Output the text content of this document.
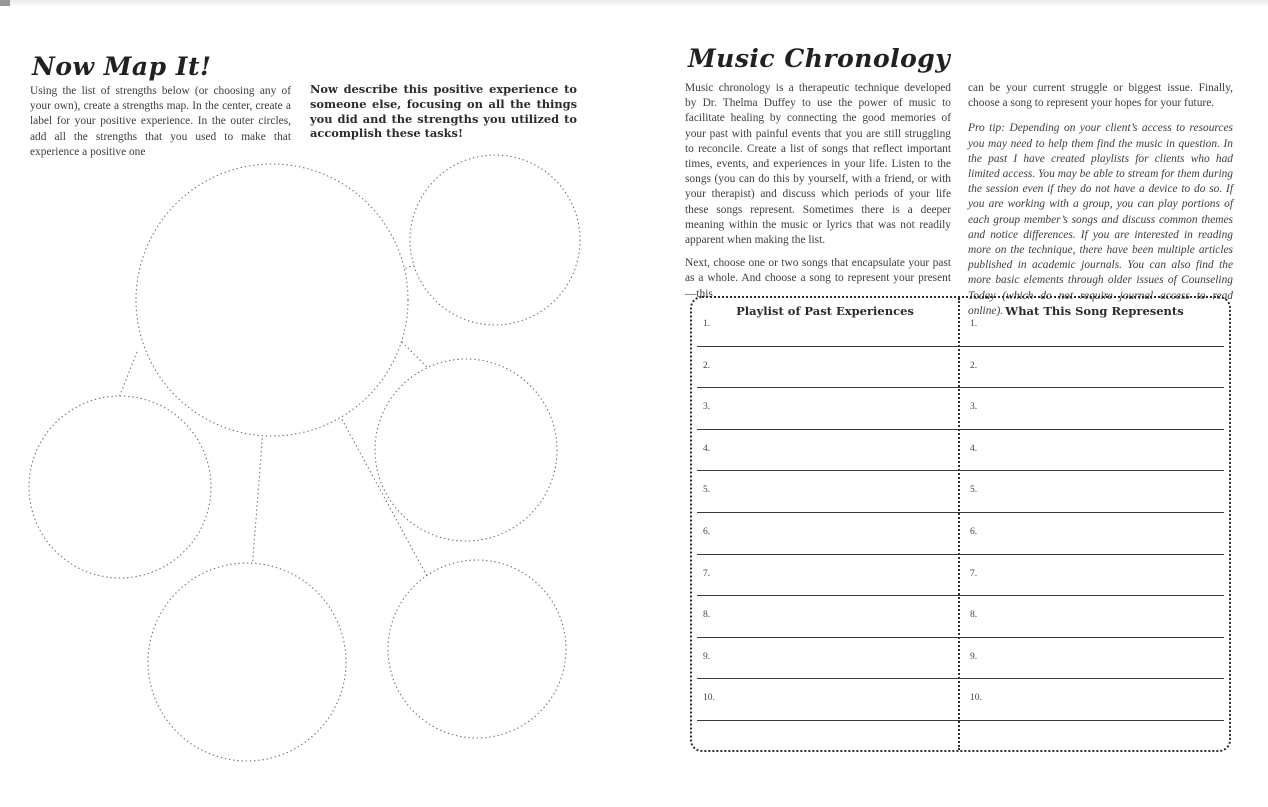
Now Map It!
Using the list of strengths below (or choosing any of your own), create a strengths map. In the center, create a label for your positive experience. In the outer circles, add all the strengths that you used to make that experience a positive one
Now describe this positive experience to someone else, focusing on all the things you did and the strengths you utilized to accomplish these tasks!
Music Chronology
Music chronology is a therapeutic technique developed by Dr. Thelma Duffey to use the power of music to facilitate healing by connecting the good memories of your past with painful events that you are still struggling to reconcile. Create a list of songs that reflect important times, events, and experiences in your life. Listen to the songs (you can do this by yourself, with a friend, or with your therapist) and discuss which periods of your life these songs represent. Sometimes there is a deeper meaning within the music or lyrics that was not readily apparent when making the list.
Next, choose one or two songs that encapsulate your past as a whole. And choose a song to represent your present—this
can be your current struggle or biggest issue. Finally, choose a song to represent your hopes for your future.
Pro tip: Depending on your client’s access to resources you may need to help them find the music in question. In the past I have created playlists for clients who had limited access. You may be able to stream for them during the session even if they do not have a device to do so. If you are working with a group, you can play portions of each group member’s songs and discuss common themes and notice differences. If you are interested in reading more on the technique, there have been multiple articles published in academic journals. You can also find the more basic elements through older issues of Counseling Today (which do not require journal access to read online).
Playlist of Past Experiences	What This Song Represents
1.	1.
2.	2.
3.	3.
4.	4.
5.	5.
6.	6.
7.	7.
8.	8.
9.	9.
10.	10.
